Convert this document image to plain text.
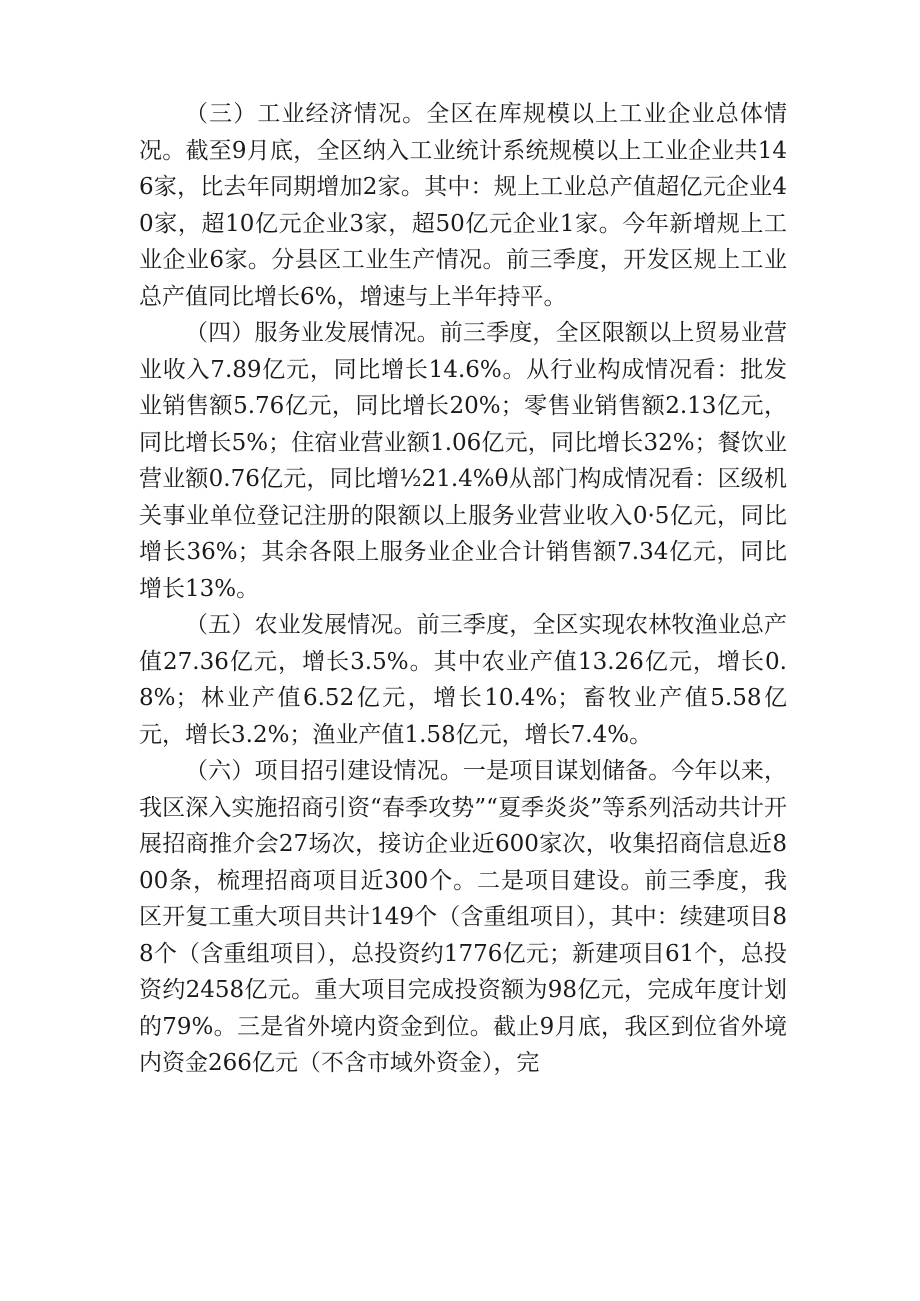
（三）工业经济情况。全区在库规模以上工业企业总体情况。截至9月底，全区纳入工业统计系统规模以上工业企业共146家，比去年同期增加2家。其中：规上工业总产值超亿元企业40家，超10亿元企业3家，超50亿元企业1家。今年新增规上工业企业6家。分县区工业生产情况。前三季度，开发区规上工业总产值同比增长6%，增速与上半年持平。

（四）服务业发展情况。前三季度，全区限额以上贸易业营业收入7.89亿元，同比增长14.6%。从行业构成情况看：批发业销售额5.76亿元，同比增长20%；零售业销售额2.13亿元，同比增长5%；住宿业营业额1.06亿元，同比增长32%；餐饮业营业额0.76亿元，同比增½21.4%θ从部门构成情况看：区级机关事业单位登记注册的限额以上服务业营业收入0·5亿元，同比增长36%；其余各限上服务业企业合计销售额7.34亿元，同比增长13%。

（五）农业发展情况。前三季度，全区实现农林牧渔业总产值27.36亿元，增长3.5%。其中农业产值13.26亿元，增长0.8%；林业产值6.52亿元，增长10.4%；畜牧业产值5.58亿元，增长3.2%；渔业产值1.58亿元，增长7.4%。

（六）项目招引建设情况。一是项目谋划储备。今年以来，我区深入实施招商引资“春季攻势”“夏季炎炎”等系列活动共计开展招商推介会27场次，接访企业近600家次，收集招商信息近800条，梳理招商项目近300个。二是项目建设。前三季度，我区开复工重大项目共计149个（含重组项目），其中：续建项目88个（含重组项目），总投资约1776亿元；新建项目61个，总投资约2458亿元。重大项目完成投资额为98亿元，完成年度计划的79%。三是省外境内资金到位。截止9月底，我区到位省外境内资金266亿元（不含市域外资金），完
